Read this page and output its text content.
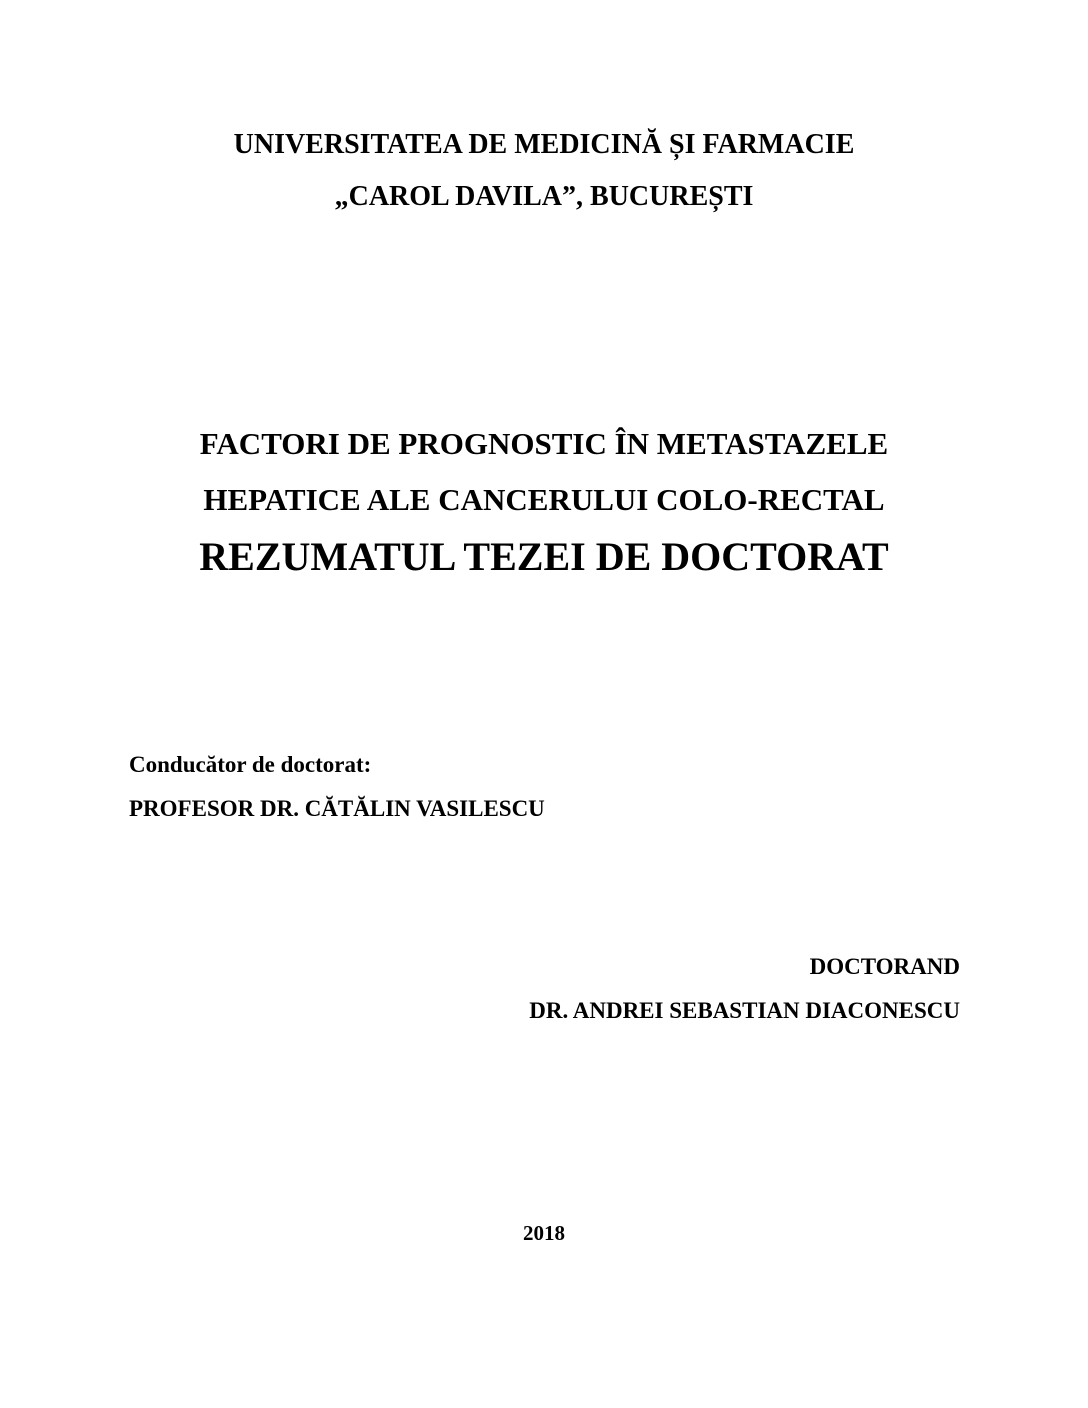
UNIVERSITATEA DE MEDICINĂ ȘI FARMACIE
„CAROL DAVILA”, BUCUREȘTI
FACTORI DE PROGNOSTIC ÎN METASTAZELE
HEPATICE ALE CANCERULUI COLO-RECTAL
REZUMATUL TEZEI DE DOCTORAT
Conducător de doctorat:
PROFESOR DR. CĂTĂLIN VASILESCU
DOCTORAND
DR. ANDREI SEBASTIAN DIACONESCU
2018
